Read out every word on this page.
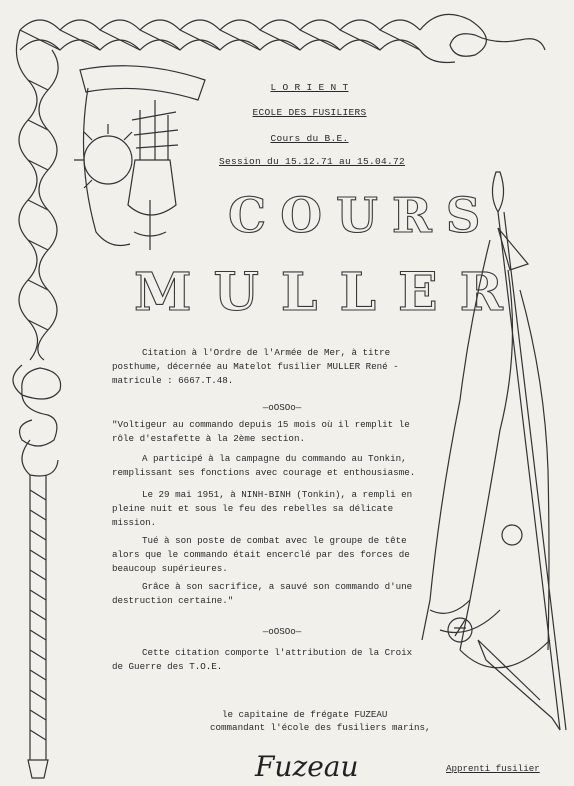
L O R I E N T
ECOLE DES FUSILIERS
Cours du B.E.
Session du 15.12.71 au 15.04.72
COURS
MULLER
Citation à l'Ordre de l'Armée de Mer, à titre posthume, décernée au Matelot fusilier MULLER René - matricule : 6667.T.48.
—oOSOo—
"Voltigeur au commando depuis 15 mois où il remplit le rôle d'estafette à la 2ème section.
A participé à la campagne du commando au Tonkin, remplissant ses fonctions avec courage et enthousiasme.
Le 29 mai 1951, à NINH-BINH (Tonkin), a rempli en pleine nuit et sous le feu des rebelles sa délicate mission.
Tué à son poste de combat avec le groupe de tête alors que le commando était encerclé par des forces de beaucoup supérieures.
Grâce à son sacrifice, a sauvé son commando d'une destruction certaine."
—oOSOo—
Cette citation comporte l'attribution de la Croix de Guerre des T.O.E.
le capitaine de frégate FUZEAU
commandant l'école des fusiliers marins,
Fuzeau	Apprenti fusilier
